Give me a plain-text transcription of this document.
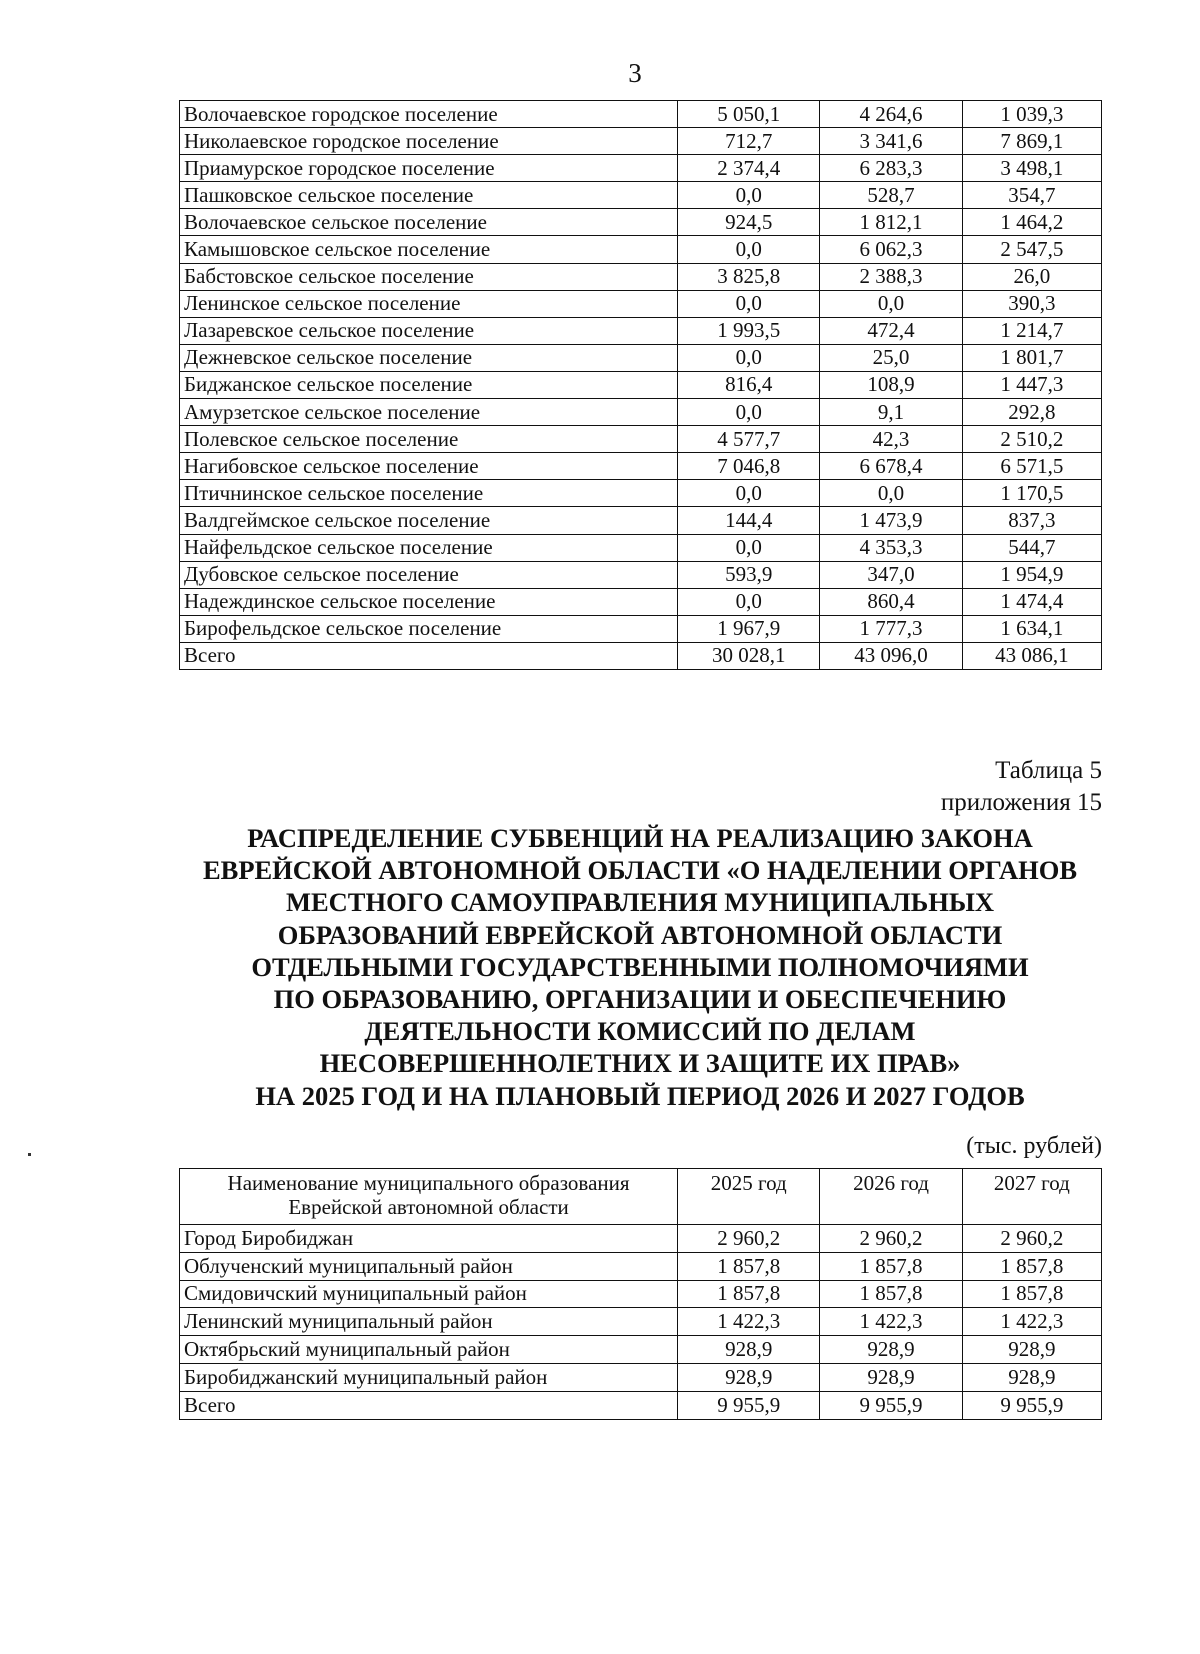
3
Волочаевское городское поселение	5 050,1	4 264,6	1 039,3
Николаевское городское поселение	712,7	3 341,6	7 869,1
Приамурское городское поселение	2 374,4	6 283,3	3 498,1
Пашковское сельское поселение	0,0	528,7	354,7
Волочаевское сельское поселение	924,5	1 812,1	1 464,2
Камышовское сельское поселение	0,0	6 062,3	2 547,5
Бабстовское сельское поселение	3 825,8	2 388,3	26,0
Ленинское сельское поселение	0,0	0,0	390,3
Лазаревское сельское поселение	1 993,5	472,4	1 214,7
Дежневское сельское поселение	0,0	25,0	1 801,7
Биджанское сельское поселение	816,4	108,9	1 447,3
Амурзетское сельское поселение	0,0	9,1	292,8
Полевское сельское поселение	4 577,7	42,3	2 510,2
Нагибовское сельское поселение	7 046,8	6 678,4	6 571,5
Птичнинское сельское поселение	0,0	0,0	1 170,5
Валдгеймское сельское поселение	144,4	1 473,9	837,3
Найфельдское сельское поселение	0,0	4 353,3	544,7
Дубовское сельское поселение	593,9	347,0	1 954,9
Надеждинское сельское поселение	0,0	860,4	1 474,4
Бирофельдское сельское поселение	1 967,9	1 777,3	1 634,1
Всего	30 028,1	43 096,0	43 086,1
Таблица 5
приложения 15
РАСПРЕДЕЛЕНИЕ СУБВЕНЦИЙ НА РЕАЛИЗАЦИЮ ЗАКОНА
ЕВРЕЙСКОЙ АВТОНОМНОЙ ОБЛАСТИ «О НАДЕЛЕНИИ ОРГАНОВ
МЕСТНОГО САМОУПРАВЛЕНИЯ МУНИЦИПАЛЬНЫХ
ОБРАЗОВАНИЙ ЕВРЕЙСКОЙ АВТОНОМНОЙ ОБЛАСТИ
ОТДЕЛЬНЫМИ ГОСУДАРСТВЕННЫМИ ПОЛНОМОЧИЯМИ
ПО ОБРАЗОВАНИЮ, ОРГАНИЗАЦИИ И ОБЕСПЕЧЕНИЮ
ДЕЯТЕЛЬНОСТИ КОМИССИЙ ПО ДЕЛАМ
НЕСОВЕРШЕННОЛЕТНИХ И ЗАЩИТЕ ИХ ПРАВ»
НА 2025 ГОД И НА ПЛАНОВЫЙ ПЕРИОД 2026 И 2027 ГОДОВ
(тыс. рублей)
Наименование муниципального образования Еврейской автономной области	2025 год	2026 год	2027 год
Город Биробиджан	2 960,2	2 960,2	2 960,2
Облученский муниципальный район	1 857,8	1 857,8	1 857,8
Смидовичский муниципальный район	1 857,8	1 857,8	1 857,8
Ленинский муниципальный район	1 422,3	1 422,3	1 422,3
Октябрьский муниципальный район	928,9	928,9	928,9
Биробиджанский муниципальный район	928,9	928,9	928,9
Всего	9 955,9	9 955,9	9 955,9
